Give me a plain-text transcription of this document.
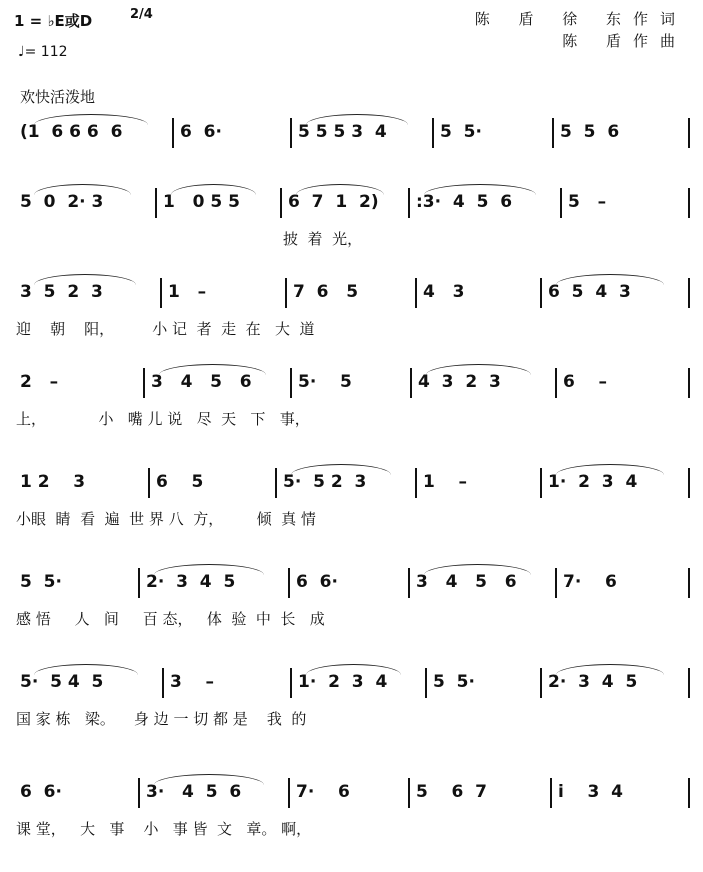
1 = ♭E或D	2/4
♩= 112
欢快活泼地
陈 盾 徐 东作词
陈 盾作曲
(1  6 6 6  6	6  6·	5 5 5 3  4	5  5·	5  5  6
5  0  2· 3	1   0 5 5	6  7  1  2) :3·  4  5  6	5   –
披  着  光，
3  5  2  3	1   –	7  6   5	4   3	6  5  4  3
迎    朝    阳，        小 记  者  走  在   大  道
2   –	3   4   5   6	5·    5	4  3  2  3	6    –
上，           小   嘴 儿 说   尽  天   下   事，
1 2    3	6    5	5·  5 2  3	1    –	1·  2  3  4
小眼  睛  看  遍  世 界 八  方，       倾  真 情
5  5·	2·  3  4  5	6  6·	3   4   5   6	7·    6
感 悟     人   间     百 态，   体  验  中  长   成
5·  5 4  5	3    –	1·  2  3  4	5  5·	2·  3  4  5
国 家 栋   梁。    身 边 一 切 都 是    我  的
6  6·	3·   4  5  6	7·    6	5    6  7	i    3  4
课 堂，   大   事    小   事 皆  文   章。 啊，
